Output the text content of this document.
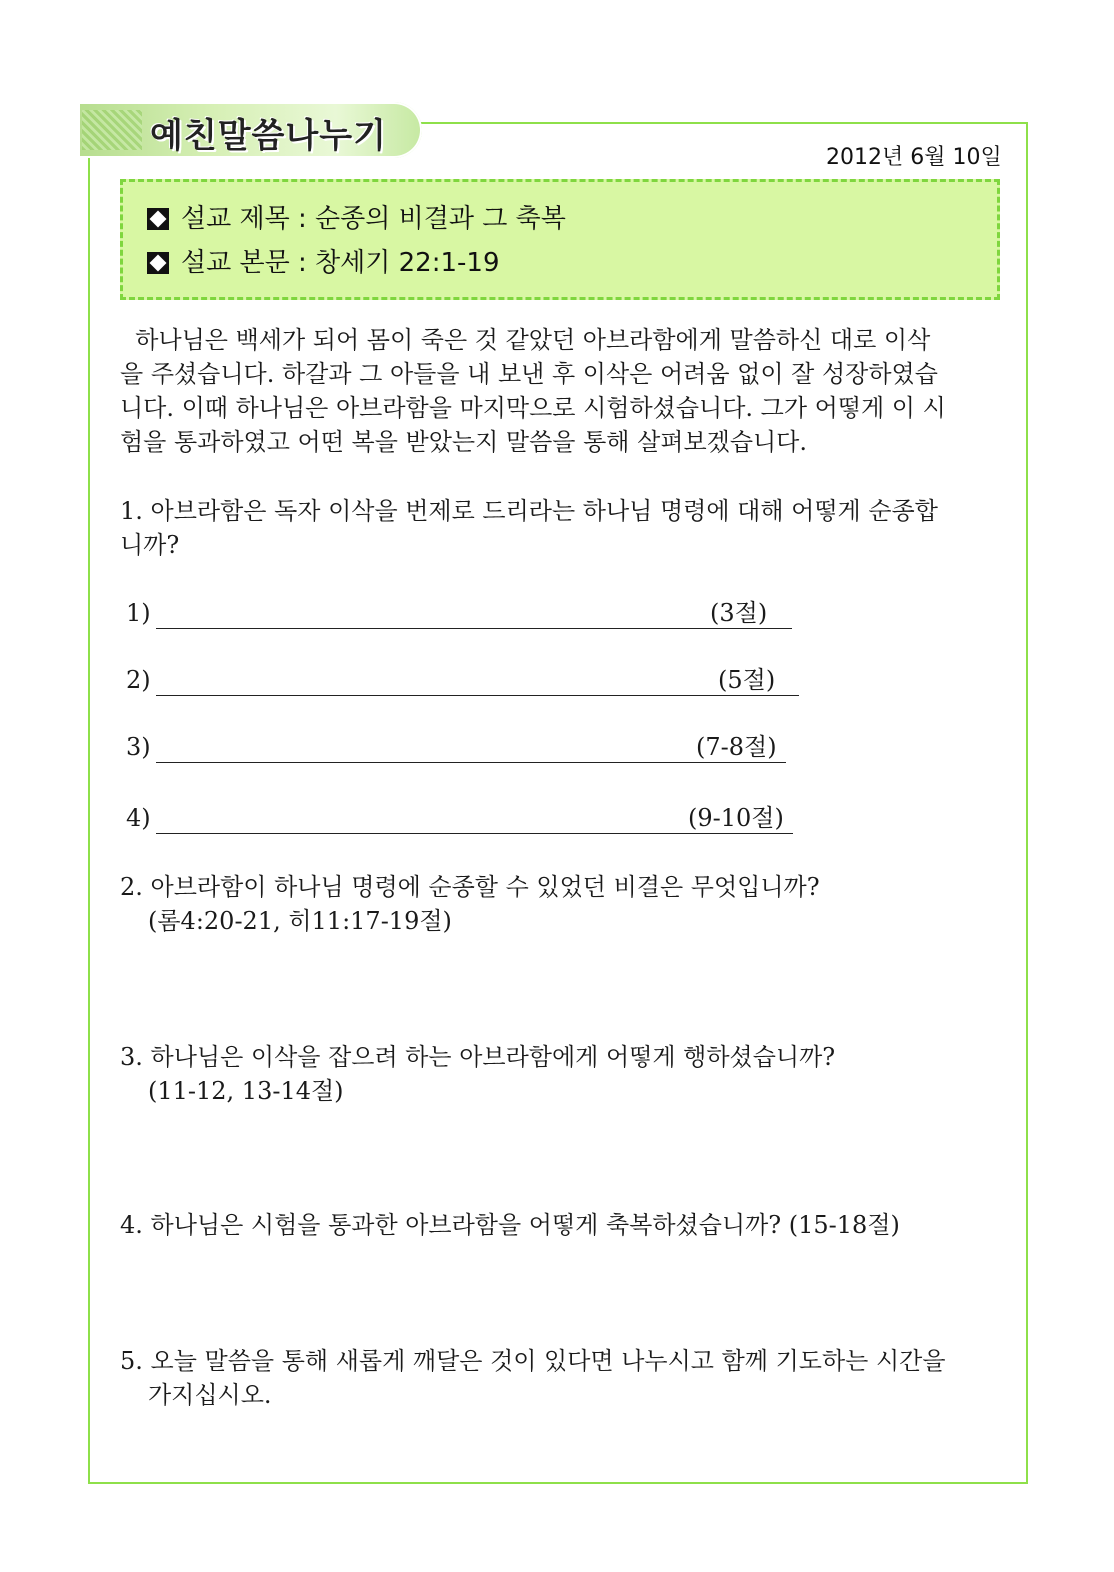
예친말씀나누기
2012년 6월 10일
설교 제목 : 순종의 비결과 그 축복
설교 본문 : 창세기 22:1-19
하나님은 백세가 되어 몸이 죽은 것 같았던 아브라함에게 말씀하신 대로 이삭
을 주셨습니다. 하갈과 그 아들을 내 보낸 후 이삭은 어려움 없이 잘 성장하였습
니다. 이때 하나님은 아브라함을 마지막으로 시험하셨습니다. 그가 어떻게 이 시
험을 통과하였고 어떤 복을 받았는지 말씀을 통해 살펴보겠습니다.
1. 아브라함은 독자 이삭을 번제로 드리라는 하나님 명령에 대해 어떻게 순종합
니까?
1)	(3절)
2)	(5절)
3)	(7-8절)
4)	(9-10절)
2. 아브라함이 하나님 명령에 순종할 수 있었던 비결은 무엇입니까?
(롬4:20-21, 히11:17-19절)
3. 하나님은 이삭을 잡으려 하는 아브라함에게 어떻게 행하셨습니까?
(11-12, 13-14절)
4. 하나님은 시험을 통과한 아브라함을 어떻게 축복하셨습니까? (15-18절)
5. 오늘 말씀을 통해 새롭게 깨달은 것이 있다면 나누시고 함께 기도하는 시간을
가지십시오.
